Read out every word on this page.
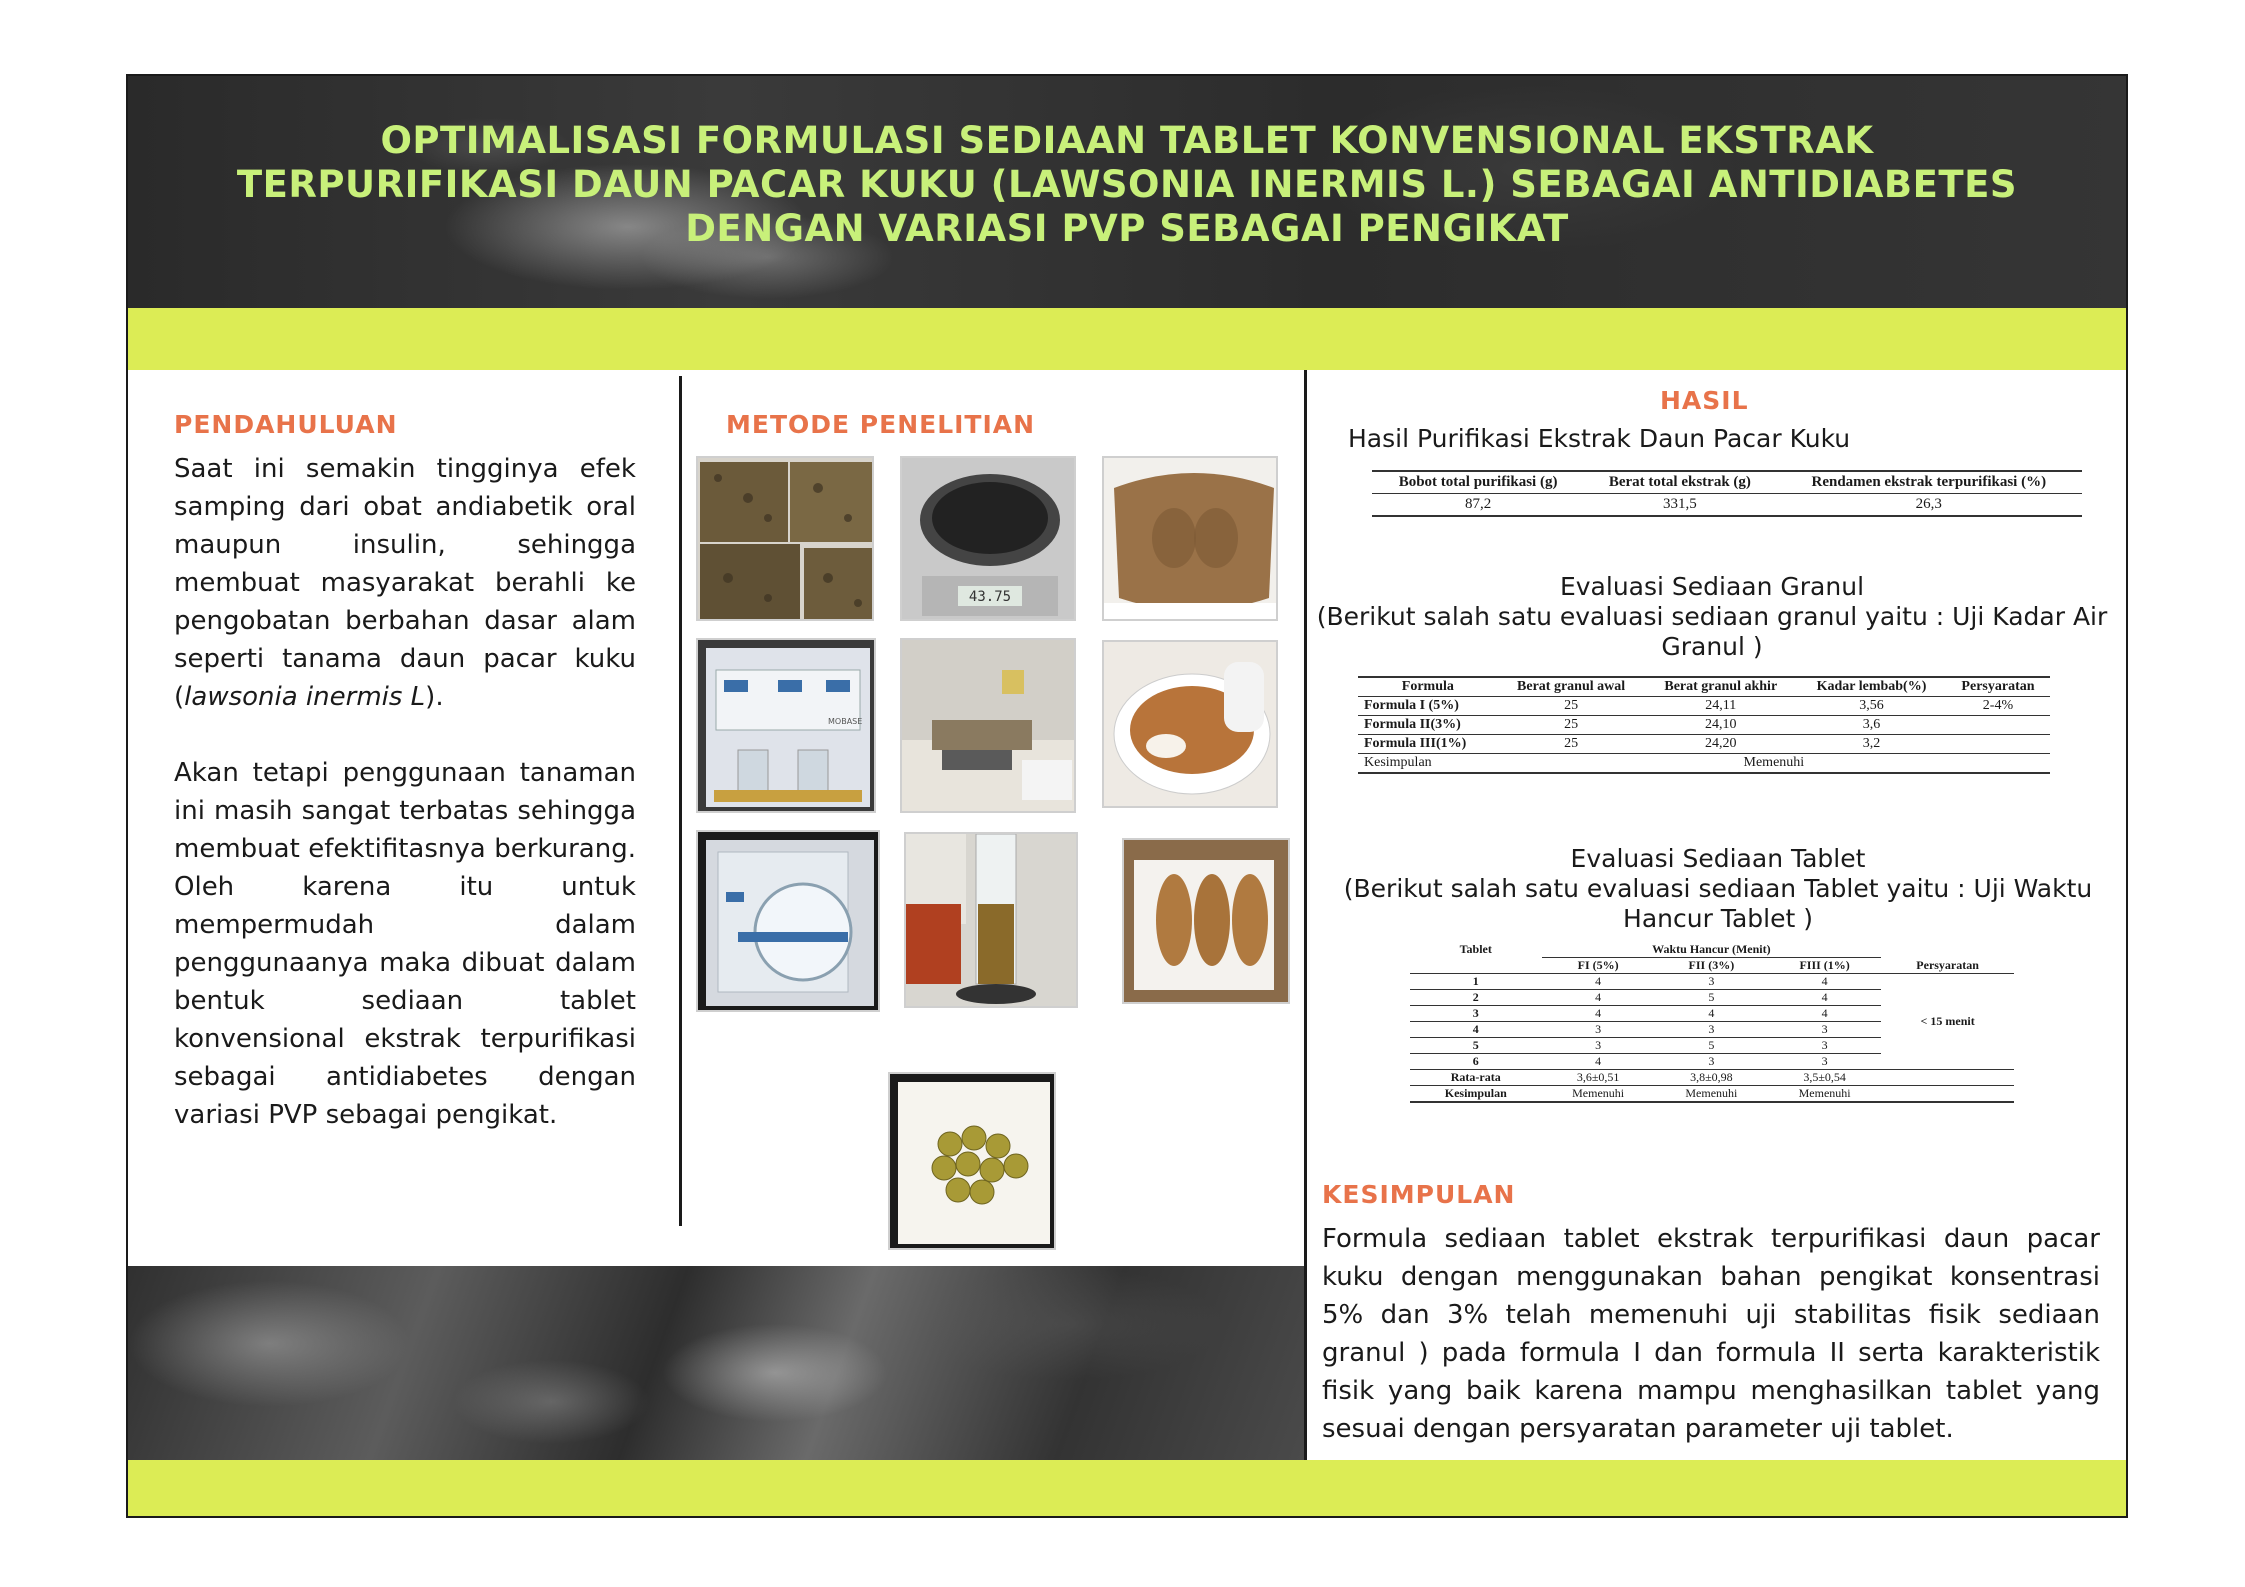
OPTIMALISASI FORMULASI SEDIAAN TABLET KONVENSIONAL EKSTRAK TERPURIFIKASI DAUN PACAR KUKU (LAWSONIA INERMIS L.) SEBAGAI ANTIDIABETES DENGAN VARIASI PVP SEBAGAI PENGIKAT
PENDAHULUAN

Saat ini semakin tingginya efek samping dari obat andiabetik oral maupun insulin, sehingga membuat masyarakat berahli ke pengobatan berbahan dasar alam seperti tanama daun pacar kuku (lawsonia inermis L).

Akan tetapi penggunaan tanaman ini masih sangat terbatas sehingga membuat efektifitasnya berkurang. Oleh karena itu untuk mempermudah dalam penggunaanya maka dibuat dalam bentuk sediaan tablet konvensional ekstrak terpurifikasi sebagai antidiabetes dengan variasi PVP sebagai pengikat.

METODE PENELITIAN
43.75
MOBASE
HASIL
Hasil Purifikasi Ekstrak Daun Pacar Kuku
Bobot total purifikasi (g)	Berat total ekstrak (g)	Rendamen ekstrak terpurifikasi (%)
87,2	331,5	26,3
Evaluasi Sediaan Granul
(Berikut salah satu evaluasi sediaan granul yaitu : Uji Kadar Air Granul )
Formula	Berat granul awal	Berat granul akhir	Kadar lembab(%)	Persyaratan
Formula I (5%)	25	24,11	3,56	2-4%
Formula II(3%)	25	24,10	3,6	
Formula III(1%)	25	24,20	3,2	
Kesimpulan	Memenuhi			
Evaluasi Sediaan Tablet
(Berikut salah satu evaluasi sediaan Tablet yaitu : Uji Waktu Hancur Tablet )
Tablet	Waktu Hancur (Menit)			
	FI (5%)	FII (3%)	FIII (1%)	Persyaratan
1	4	3	4	< 15 menit
2	4	5	4	
3	4	4	4	
4	3	3	3	
5	3	5	3	
6	4	3	3	
Rata-rata	3,6±0,51	3,8±0,98	3,5±0,54	
Kesimpulan	Memenuhi	Memenuhi	Memenuhi	
KESIMPULAN
Formula sediaan tablet ekstrak terpurifikasi daun pacar kuku dengan menggunakan bahan pengikat konsentrasi 5% dan 3% telah memenuhi uji stabilitas fisik sediaan granul ) pada formula I dan formula II serta karakteristik fisik yang baik karena mampu menghasilkan tablet yang sesuai dengan persyaratan parameter uji tablet.
